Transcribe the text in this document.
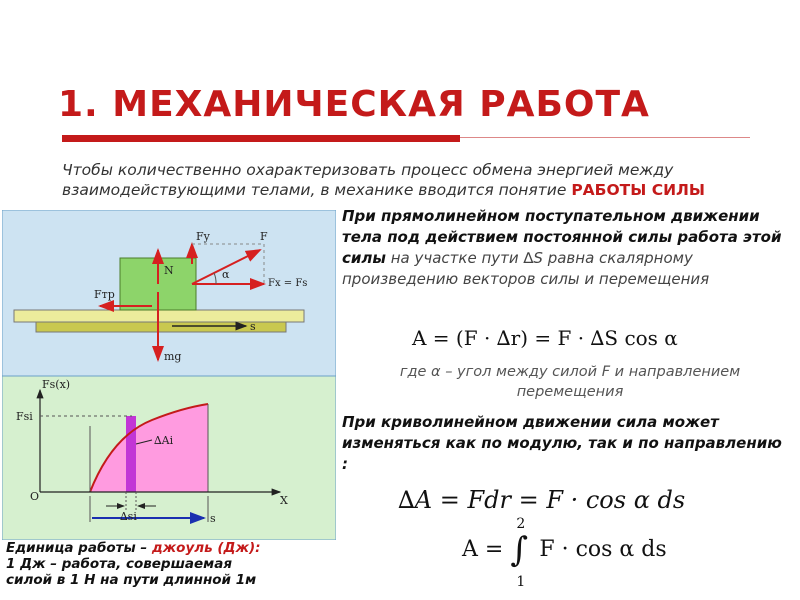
1. МЕХАНИЧЕСКАЯ РАБОТА
Чтобы количественно охарактеризовать процесс обмена энергией между взаимодействующими телами, в механике вводится понятие РАБОТЫ СИЛЫ
Fy	F
N	α
Fx = Fs
Fтр
s
mg
Fs(x)
Fsi
∆Ai
O	X
∆si	s
При прямолинейном поступательном движении тела под действием постоянной силы работа этой силы на участке пути ∆S равна скалярному произведению векторов силы и перемещения
A = (F · ∆r) = F · ∆S cos α
где α – угол между силой F и направлением перемещения
При криволинейном движении сила может изменяться как по модулю, так и по направлению :
∆A = Fdr = F · cos α ds
A = ∫
2
1
F · cos α ds
Единица работы – джоуль (Дж):
1 Дж – работа, совершаемая
силой в 1 Н на пути длинной 1м
